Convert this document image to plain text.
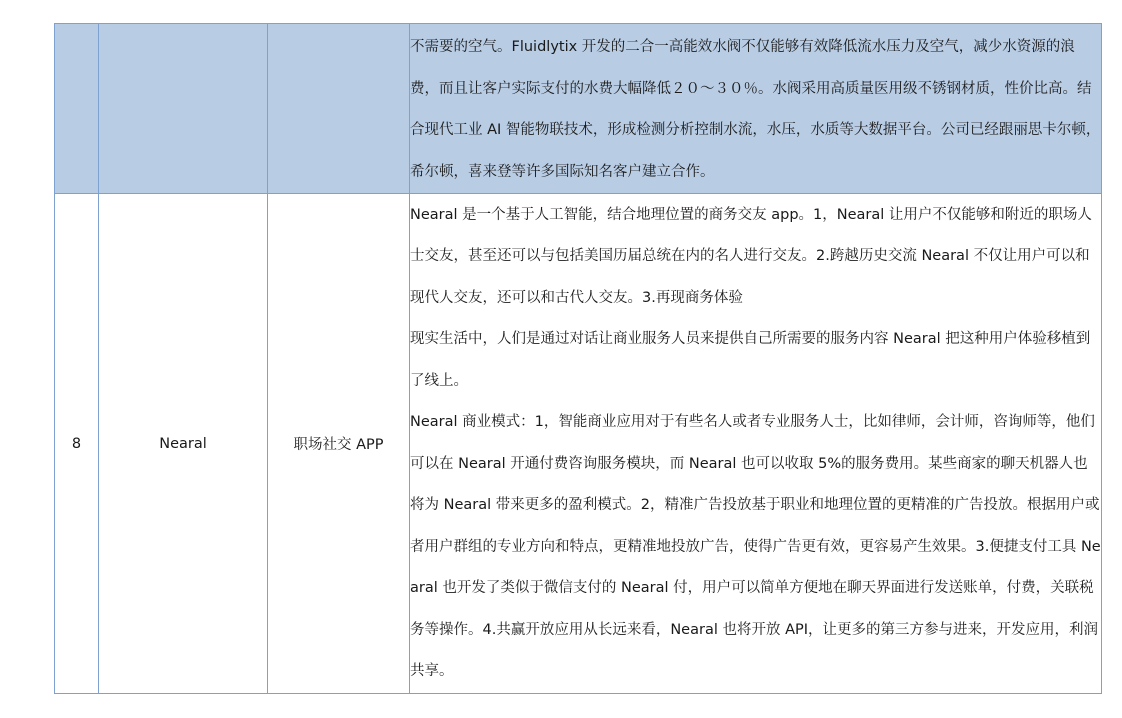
			不需要的空气。Fluidlytix 开发的二合一高能效水阀不仅能够有效降低流水压力及空气，减少水资源的浪费，而且让客户实际支付的水费大幅降低２０～３０％。水阀采用高质量医用级不锈钢材质，性价比高。结合现代工业 AI 智能物联技术，形成检测分析控制水流，水压，水质等大数据平台。公司已经跟丽思卡尔顿，希尔顿，喜来登等许多国际知名客户建立合作。

8	Nearal	职场社交 APP	Nearal 是一个基于人工智能，结合地理位置的商务交友 app。1，Nearal 让用户不仅能够和附近的职场人士交友，甚至还可以与包括美国历届总统在内的名人进行交友。2.跨越历史交流 Nearal 不仅让用户可以和现代人交友，还可以和古代人交友。3.再现商务体验
现实生活中，人们是通过对话让商业服务人员来提供自己所需要的服务内容 Nearal 把这种用户体验移植到了线上。
Nearal 商业模式：1，智能商业应用对于有些名人或者专业服务人士，比如律师，会计师，咨询师等，他们可以在 Nearal 开通付费咨询服务模块，而 Nearal 也可以收取 5%的服务费用。某些商家的聊天机器人也将为 Nearal 带来更多的盈利模式。2，精准广告投放基于职业和地理位置的更精准的广告投放。根据用户或者用户群组的专业方向和特点，更精准地投放广告，使得广告更有效，更容易产生效果。3.便捷支付工具 Nearal 也开发了类似于微信支付的 Nearal 付，用户可以简单方便地在聊天界面进行发送账单，付费，关联税务等操作。4.共赢开放应用从长远来看，Nearal 也将开放 API，让更多的第三方参与进来，开发应用，利润共享。
